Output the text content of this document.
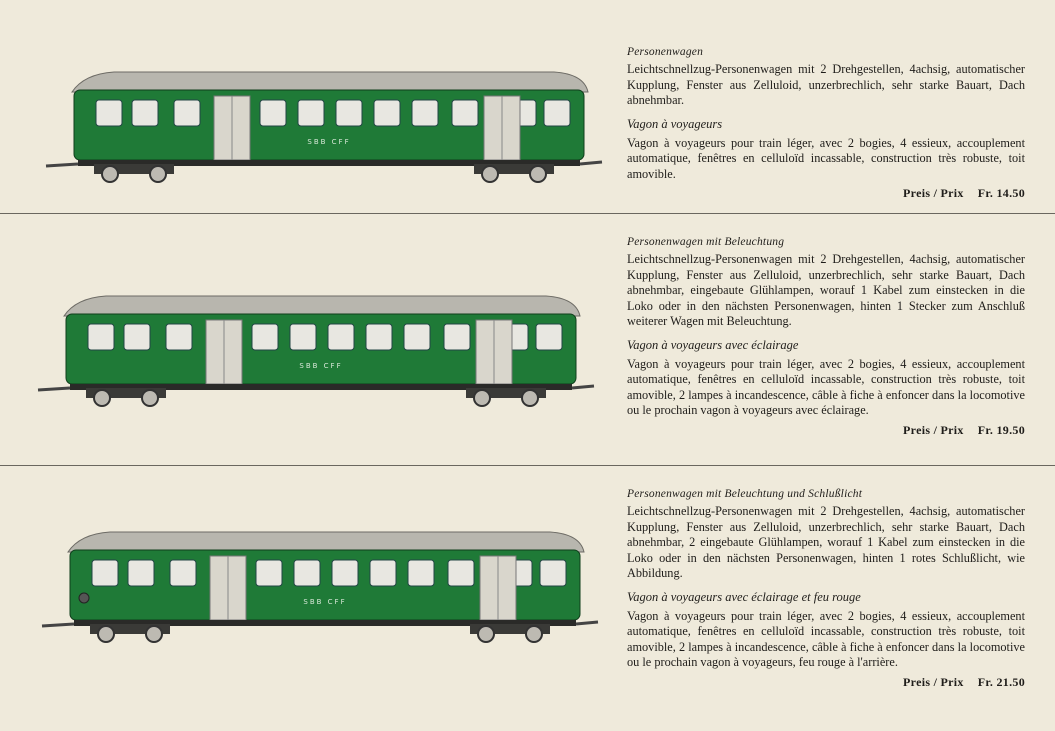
SBB CFF
Personenwagen

Leichtschnellzug-Personenwagen mit 2 Drehgestellen, 4achsig, automatischer Kupplung, Fenster aus Zelluloid, unzerbrechlich, sehr starke Bauart, Dach abnehmbar.

Vagon à voyageurs

Vagon à voyageurs pour train léger, avec 2 bogies, 4 essieux, accouplement automatique, fenêtres en celluloïd incassable, construction très robuste, toit amovible.

Preis / Prix Fr. 14.50
SBB CFF
Personenwagen mit Beleuchtung

Leichtschnellzug-Personenwagen mit 2 Drehgestellen, 4achsig, automatischer Kupplung, Fenster aus Zelluloid, unzerbrechlich, sehr starke Bauart, Dach abnehmbar, eingebaute Glühlampen, worauf 1 Kabel zum einstecken in die Loko oder in den nächsten Personenwagen, hinten 1 Stecker zum Anschluß weiterer Wagen mit Beleuchtung.

Vagon à voyageurs avec éclairage

Vagon à voyageurs pour train léger, avec 2 bogies, 4 essieux, accouplement automatique, fenêtres en celluloïd incassable, construction très robuste, toit amovible, 2 lampes à incandescence, câble à fiche à enfoncer dans la locomotive ou le prochain vagon à voyageurs avec éclairage.

Preis / Prix Fr. 19.50
SBB CFF
Personenwagen mit Beleuchtung und Schlußlicht

Leichtschnellzug-Personenwagen mit 2 Drehgestellen, 4achsig, automatischer Kupplung, Fenster aus Zelluloid, unzerbrechlich, sehr starke Bauart, Dach abnehmbar, 2 eingebaute Glühlampen, worauf 1 Kabel zum einstecken in die Loko oder in den nächsten Personenwagen, hinten 1 rotes Schlußlicht, wie Abbildung.

Vagon à voyageurs avec éclairage et feu rouge

Vagon à voyageurs pour train léger, avec 2 bogies, 4 essieux, accouplement automatique, fenêtres en celluloïd incassable, construction très robuste, toit amovible, 2 lampes à incandescence, câble à fiche à enfoncer dans la locomotive ou le prochain vagon à voyageurs, feu rouge à l'arrière.

Preis / Prix Fr. 21.50
